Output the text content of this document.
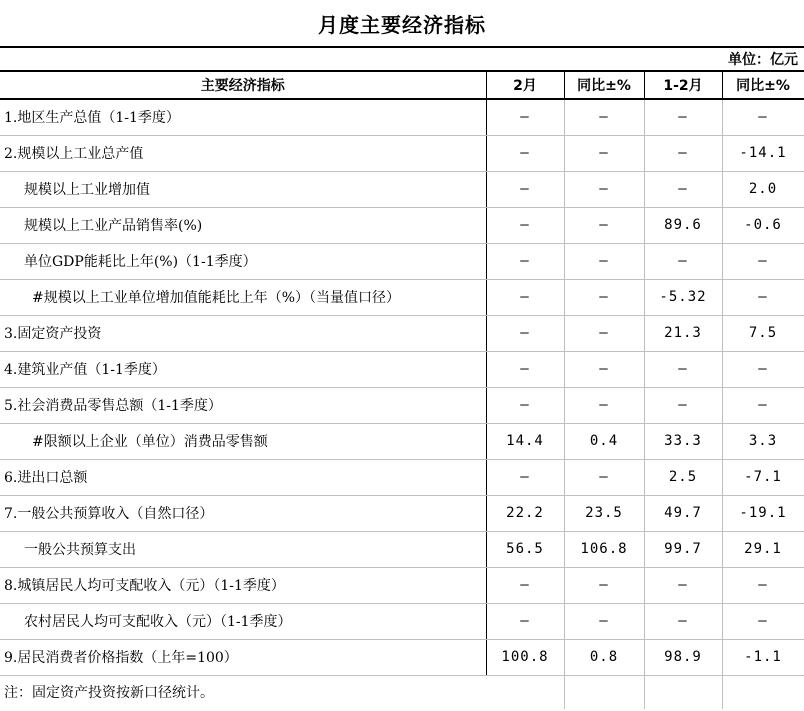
月度主要经济指标
单位：亿元
主要经济指标	2月	同比±%	1-2月	同比±%
1.地区生产总值（1-1季度）	—	—	—	—
2.规模以上工业总产值	—	—	—	-14.1
规模以上工业增加值	—	—	—	2.0
规模以上工业产品销售率(%)	—	—	89.6	-0.6
单位GDP能耗比上年(%)（1-1季度）	—	—	—	—
#规模以上工业单位增加值能耗比上年（%）（当量值口径）	—	—	-5.32	—
3.固定资产投资	—	—	21.3	7.5
4.建筑业产值（1-1季度）	—	—	—	—
5.社会消费品零售总额（1-1季度）	—	—	—	—
#限额以上企业（单位）消费品零售额	14.4	0.4	33.3	3.3
6.进出口总额	—	—	2.5	-7.1
7.一般公共预算收入（自然口径）	22.2	23.5	49.7	-19.1
一般公共预算支出	56.5	106.8	99.7	29.1
8.城镇居民人均可支配收入（元）（1-1季度）	—	—	—	—
农村居民人均可支配收入（元）（1-1季度）	—	—	—	—
9.居民消费者价格指数（上年=100）	100.8	0.8	98.9	-1.1
注：固定资产投资按新口径统计。				
